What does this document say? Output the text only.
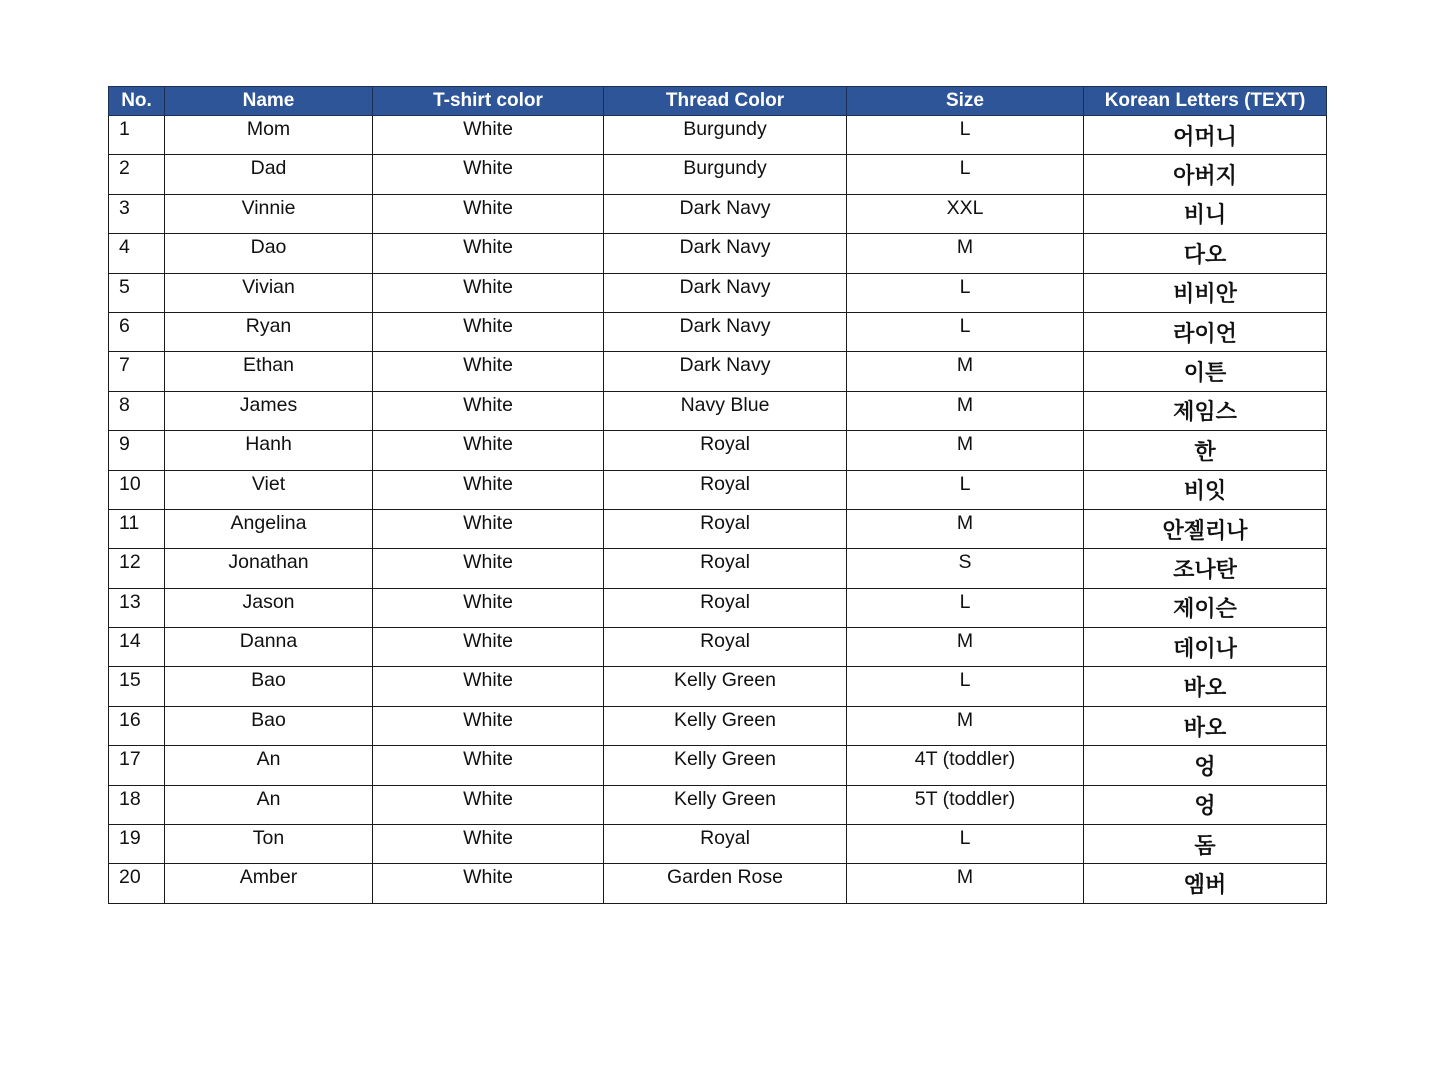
No.	Name	T-shirt color	Thread Color	Size	Korean Letters (TEXT)
1	Mom	White	Burgundy	L	어머니
2	Dad	White	Burgundy	L	아버지
3	Vinnie	White	Dark Navy	XXL	비니
4	Dao	White	Dark Navy	M	다오
5	Vivian	White	Dark Navy	L	비비안
6	Ryan	White	Dark Navy	L	라이언
7	Ethan	White	Dark Navy	M	이튼
8	James	White	Navy Blue	M	제임스
9	Hanh	White	Royal	M	한
10	Viet	White	Royal	L	비잇
11	Angelina	White	Royal	M	안젤리나
12	Jonathan	White	Royal	S	조나탄
13	Jason	White	Royal	L	제이슨
14	Danna	White	Royal	M	데이나
15	Bao	White	Kelly Green	L	바오
16	Bao	White	Kelly Green	M	바오
17	An	White	Kelly Green	4T (toddler)	엉
18	An	White	Kelly Green	5T (toddler)	엉
19	Ton	White	Royal	L	돔
20	Amber	White	Garden Rose	M	엠버
